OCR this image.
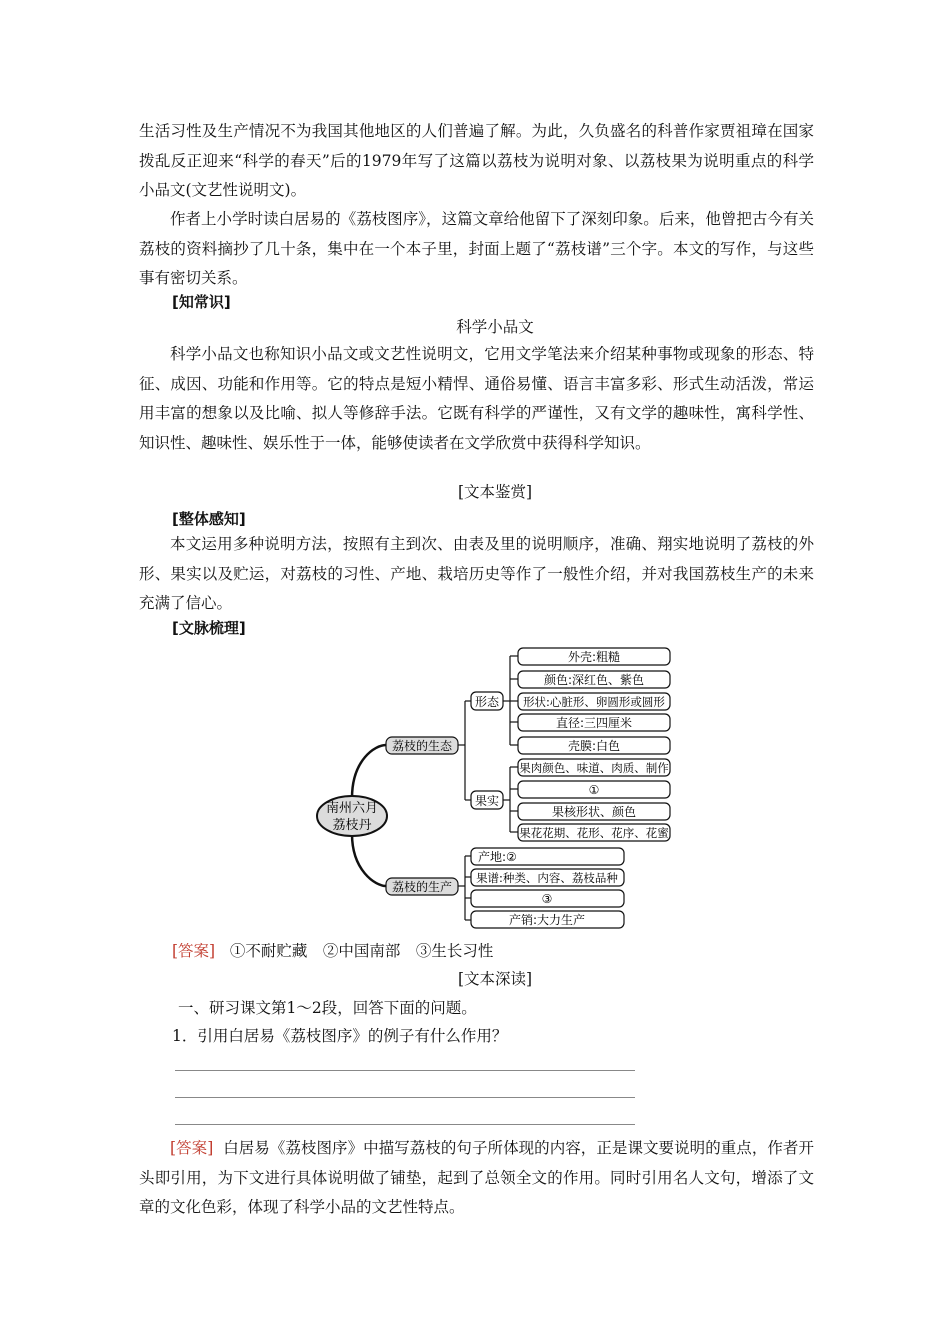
生活习性及生产情况不为我国其他地区的人们普遍了解。为此，久负盛名的科普作家贾祖璋在国家拨乱反正迎来“科学的春天”后的1979年写了这篇以荔枝为说明对象、以荔枝果为说明重点的科学小品文(文艺性说明文)。

作者上小学时读白居易的《荔枝图序》，这篇文章给他留下了深刻印象。后来，他曾把古今有关荔枝的资料摘抄了几十条，集中在一个本子里，封面上题了“荔枝谱”三个字。本文的写作，与这些事有密切关系。

[知常识]
科学小品文

科学小品文也称知识小品文或文艺性说明文，它用文学笔法来介绍某种事物或现象的形态、特征、成因、功能和作用等。它的特点是短小精悍、通俗易懂、语言丰富多彩、形式生动活泼，常运用丰富的想象以及比喻、拟人等修辞手法。它既有科学的严谨性，又有文学的趣味性，寓科学性、知识性、趣味性、娱乐性于一体，能够使读者在文学欣赏中获得科学知识。

[文本鉴赏]
[整体感知]

本文运用多种说明方法，按照有主到次、由表及里的说明顺序，准确、翔实地说明了荔枝的外形、果实以及贮运，对荔枝的习性、产地、栽培历史等作了一般性介绍，并对我国荔枝生产的未来充满了信心。

[文脉梳理]
南州六月
荔枝丹
荔枝的生态
荔枝的生产
形态
果实
外壳:粗糙
颜色:深红色、紫色
形状:心脏形、卵圆形或圆形
直径:三四厘米
壳膜:白色
果肉颜色、味道、肉质、制作
①
果核形状、颜色
果花花期、花形、花序、花蜜
产地:②
果谱:种类、内容、荔枝品种
③
产销:大力生产
[答案] ①不耐贮藏　②中国南部　③生长习性
[文本深读]
一、研习课文第1～2段，回答下面的问题。
1．引用白居易《荔枝图序》的例子有什么作用？

[答案] 白居易《荔枝图序》中描写荔枝的句子所体现的内容，正是课文要说明的重点，作者开头即引用，为下文进行具体说明做了铺垫，起到了总领全文的作用。同时引用名人文句，增添了文章的文化色彩，体现了科学小品的文艺性特点。
